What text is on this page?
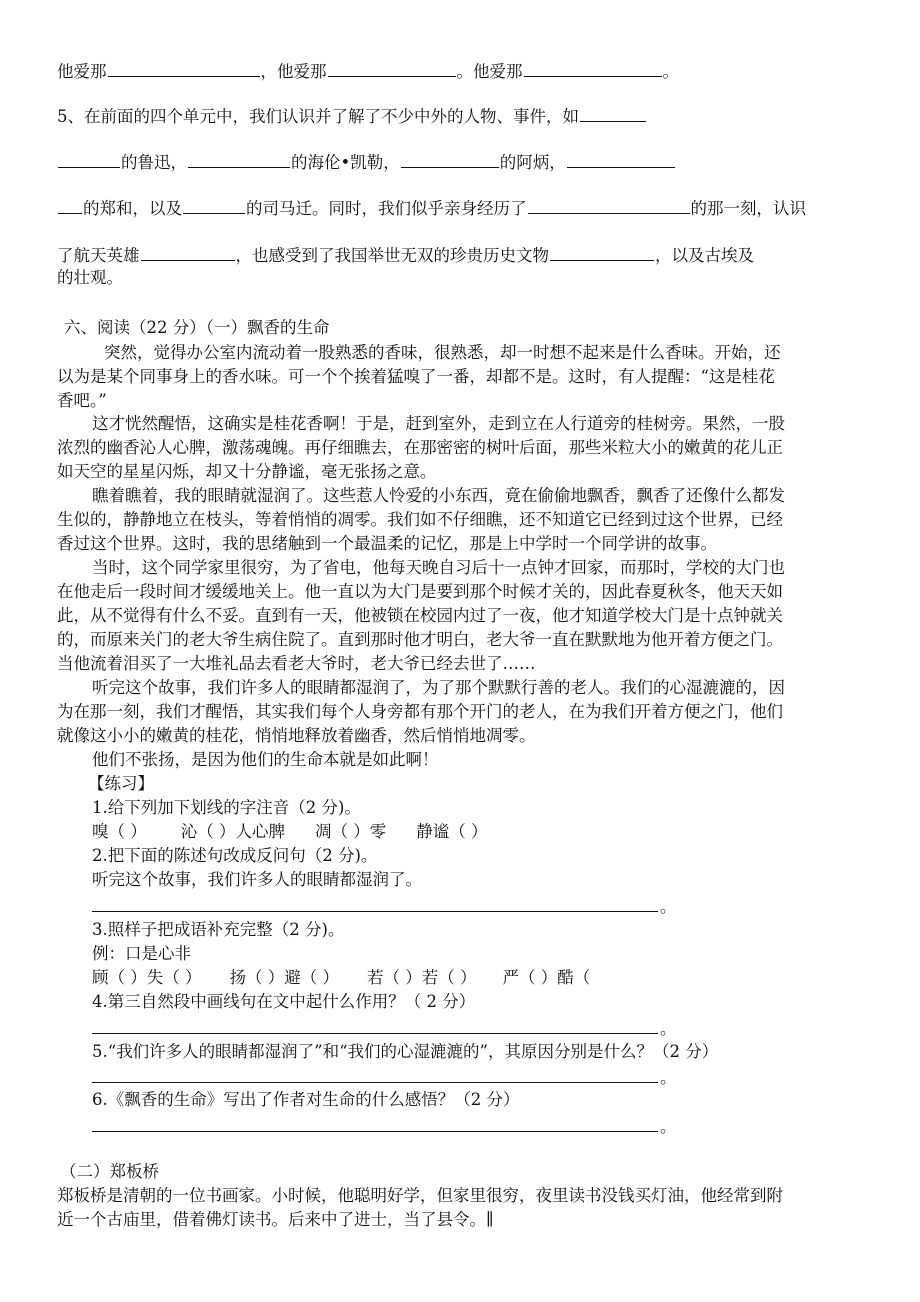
他爱那	，他爱那	。他爱那	。
5、在前面的四个单元中，我们认识并了解了不少中外的人物、事件，如
的鲁迅，	的海伦•凯勒，	的阿炳，
的郑和，以及	的司马迁。同时，我们似乎亲身经历了	的那一刻，认识
了航天英雄	，也感受到了我国举世无双的珍贵历史文物	，以及古埃及
的壮观。
六、阅读（22 分）（一）飘香的生命
突然，觉得办公室内流动着一股熟悉的香味，很熟悉，却一时想不起来是什么香味。开始，还
以为是某个同事身上的香水味。可一个个挨着猛嗅了一番，却都不是。这时，有人提醒：“这是桂花
香吧。”
这才恍然醒悟，这确实是桂花香啊！于是，赶到室外，走到立在人行道旁的桂树旁。果然，一股
浓烈的幽香沁人心脾，激荡魂魄。再仔细瞧去，在那密密的树叶后面，那些米粒大小的嫩黄的花儿正
如天空的星星闪烁，却又十分静谧，毫无张扬之意。
瞧着瞧着，我的眼睛就湿润了。这些惹人怜爱的小东西，竟在偷偷地飘香，飘香了还像什么都发
生似的，静静地立在枝头，等着悄悄的凋零。我们如不仔细瞧，还不知道它已经到过这个世界，已经
香过这个世界。这时，我的思绪触到一个最温柔的记忆，那是上中学时一个同学讲的故事。
当时，这个同学家里很穷，为了省电，他每天晚自习后十一点钟才回家，而那时，学校的大门也
在他走后一段时间才缓缓地关上。他一直以为大门是要到那个时候才关的，因此春夏秋冬，他天天如
此，从不觉得有什么不妥。直到有一天，他被锁在校园内过了一夜，他才知道学校大门是十点钟就关
的，而原来关门的老大爷生病住院了。直到那时他才明白，老大爷一直在默默地为他开着方便之门。
当他流着泪买了一大堆礼品去看老大爷时，老大爷已经去世了……
听完这个故事，我们许多人的眼睛都湿润了，为了那个默默行善的老人。我们的心湿漉漉的，因
为在那一刻，我们才醒悟，其实我们每个人身旁都有那个开门的老人，在为我们开着方便之门，他们
就像这小小的嫩黄的桂花，悄悄地释放着幽香，然后悄悄地凋零。
他们不张扬，是因为他们的生命本就是如此啊！
【练习】
1.给下列加下划线的字注音（2 分)。
嗅（ ） 沁（ ）人心脾 凋（ ）零 静谧（ ）
2.把下面的陈述句改成反问句（2 分)。
听完这个故事，我们许多人的眼睛都湿润了。
。
3.照样子把成语补充完整（2 分)。
例：口是心非
顾（ ）失（ ） 扬（ ）避（ ） 若（ ）若（ ） 严（ ）酷（
4.第三自然段中画线句在文中起什么作用？（ 2 分）
。
5.“我们许多人的眼睛都湿润了”和“我们的心湿漉漉的”，其原因分别是什么？（2 分）
。
6.《飘香的生命》写出了作者对生命的什么感悟？（2 分）
。
（二）郑板桥
郑板桥是清朝的一位书画家。小时候，他聪明好学，但家里很穷，夜里读书没钱买灯油，他经常到附
近一个古庙里，借着佛灯读书。后来中了进士，当了县令。∥
